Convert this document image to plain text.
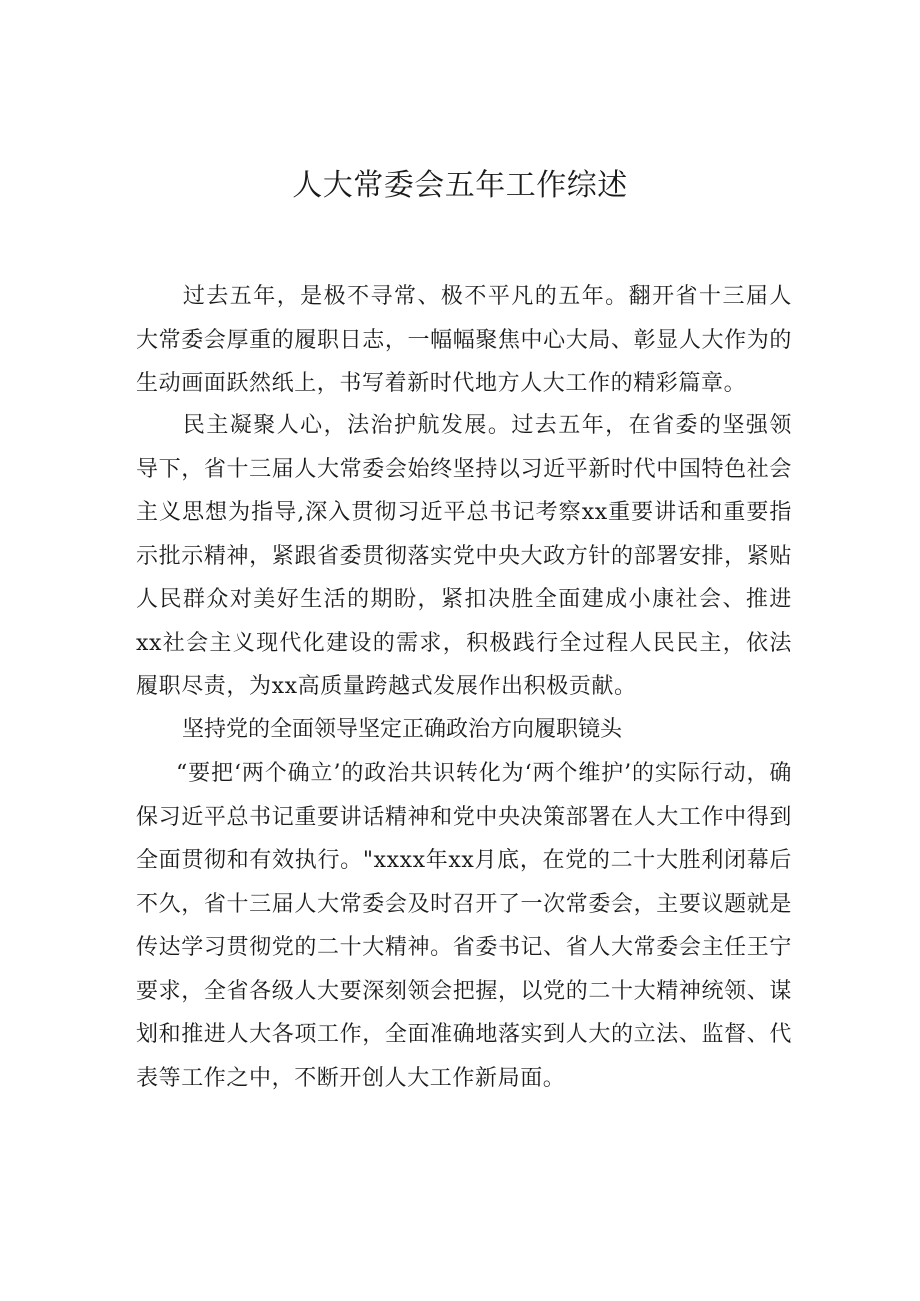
人大常委会五年工作综述

过去五年，是极不寻常、极不平凡的五年。翻开省十三届人大常委会厚重的履职日志，一幅幅聚焦中心大局、彰显人大作为的生动画面跃然纸上，书写着新时代地方人大工作的精彩篇章。

民主凝聚人心，法治护航发展。过去五年，在省委的坚强领导下，省十三届人大常委会始终坚持以习近平新时代中国特色社会主义思想为指导,深入贯彻习近平总书记考察xx重要讲话和重要指示批示精神，紧跟省委贯彻落实党中央大政方针的部署安排，紧贴人民群众对美好生活的期盼，紧扣决胜全面建成小康社会、推进xx社会主义现代化建设的需求，积极践行全过程人民民主，依法履职尽责，为xx高质量跨越式发展作出积极贡献。

坚持党的全面领导坚定正确政治方向履职镜头

“要把‘两个确立’的政治共识转化为‘两个维护’的实际行动，确保习近平总书记重要讲话精神和党中央决策部署在人大工作中得到全面贯彻和有效执行。"xxxx年xx月底，在党的二十大胜利闭幕后不久，省十三届人大常委会及时召开了一次常委会，主要议题就是传达学习贯彻党的二十大精神。省委书记、省人大常委会主任王宁要求，全省各级人大要深刻领会把握，以党的二十大精神统领、谋划和推进人大各项工作，全面准确地落实到人大的立法、监督、代表等工作之中，不断开创人大工作新局面。
